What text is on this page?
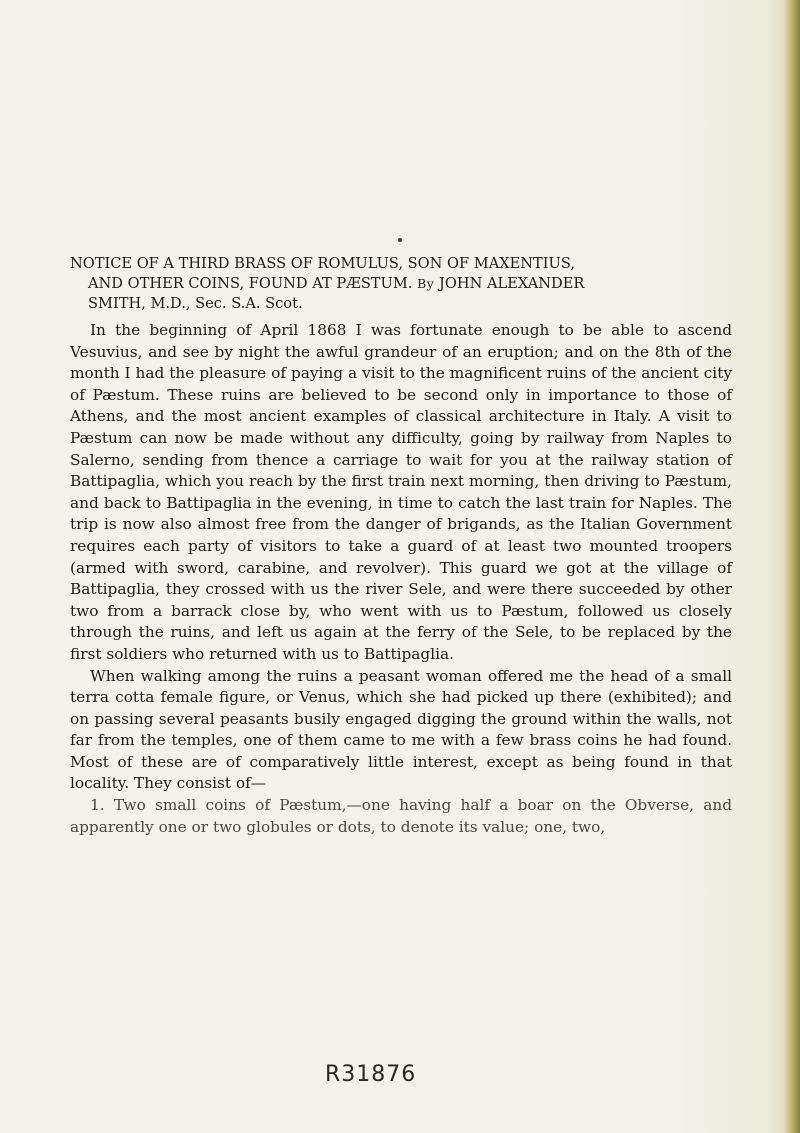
NOTICE OF A THIRD BRASS OF ROMULUS, SON OF MAXENTIUS,
AND OTHER COINS, FOUND AT PÆSTUM. By JOHN ALEXANDER
SMITH, M.D., Sec. S.A. Scot.

In the beginning of April 1868 I was fortunate enough to be able to ascend Vesuvius, and see by night the awful grandeur of an eruption; and on the 8th of the month I had the pleasure of paying a visit to the magnificent ruins of the ancient city of Pæstum. These ruins are believed to be second only in importance to those of Athens, and the most ancient examples of classical architecture in Italy. A visit to Pæstum can now be made without any difficulty, going by railway from Naples to Salerno, sending from thence a carriage to wait for you at the railway station of Battipaglia, which you reach by the first train next morning, then driving to Pæstum, and back to Battipaglia in the evening, in time to catch the last train for Naples. The trip is now also almost free from the danger of brigands, as the Italian Government requires each party of visitors to take a guard of at least two mounted troopers (armed with sword, carabine, and revolver). This guard we got at the village of Battipaglia, they crossed with us the river Sele, and were there succeeded by other two from a barrack close by, who went with us to Pæstum, followed us closely through the ruins, and left us again at the ferry of the Sele, to be replaced by the first soldiers who returned with us to Battipaglia.

When walking among the ruins a peasant woman offered me the head of a small terra cotta female figure, or Venus, which she had picked up there (exhibited); and on passing several peasants busily engaged digging the ground within the walls, not far from the temples, one of them came to me with a few brass coins he had found. Most of these are of comparatively little interest, except as being found in that locality. They consist of—

1. Two small coins of Pæstum,—one having half a boar on the Obverse, and apparently one or two globules or dots, to denote its value; one, two,

R31876
